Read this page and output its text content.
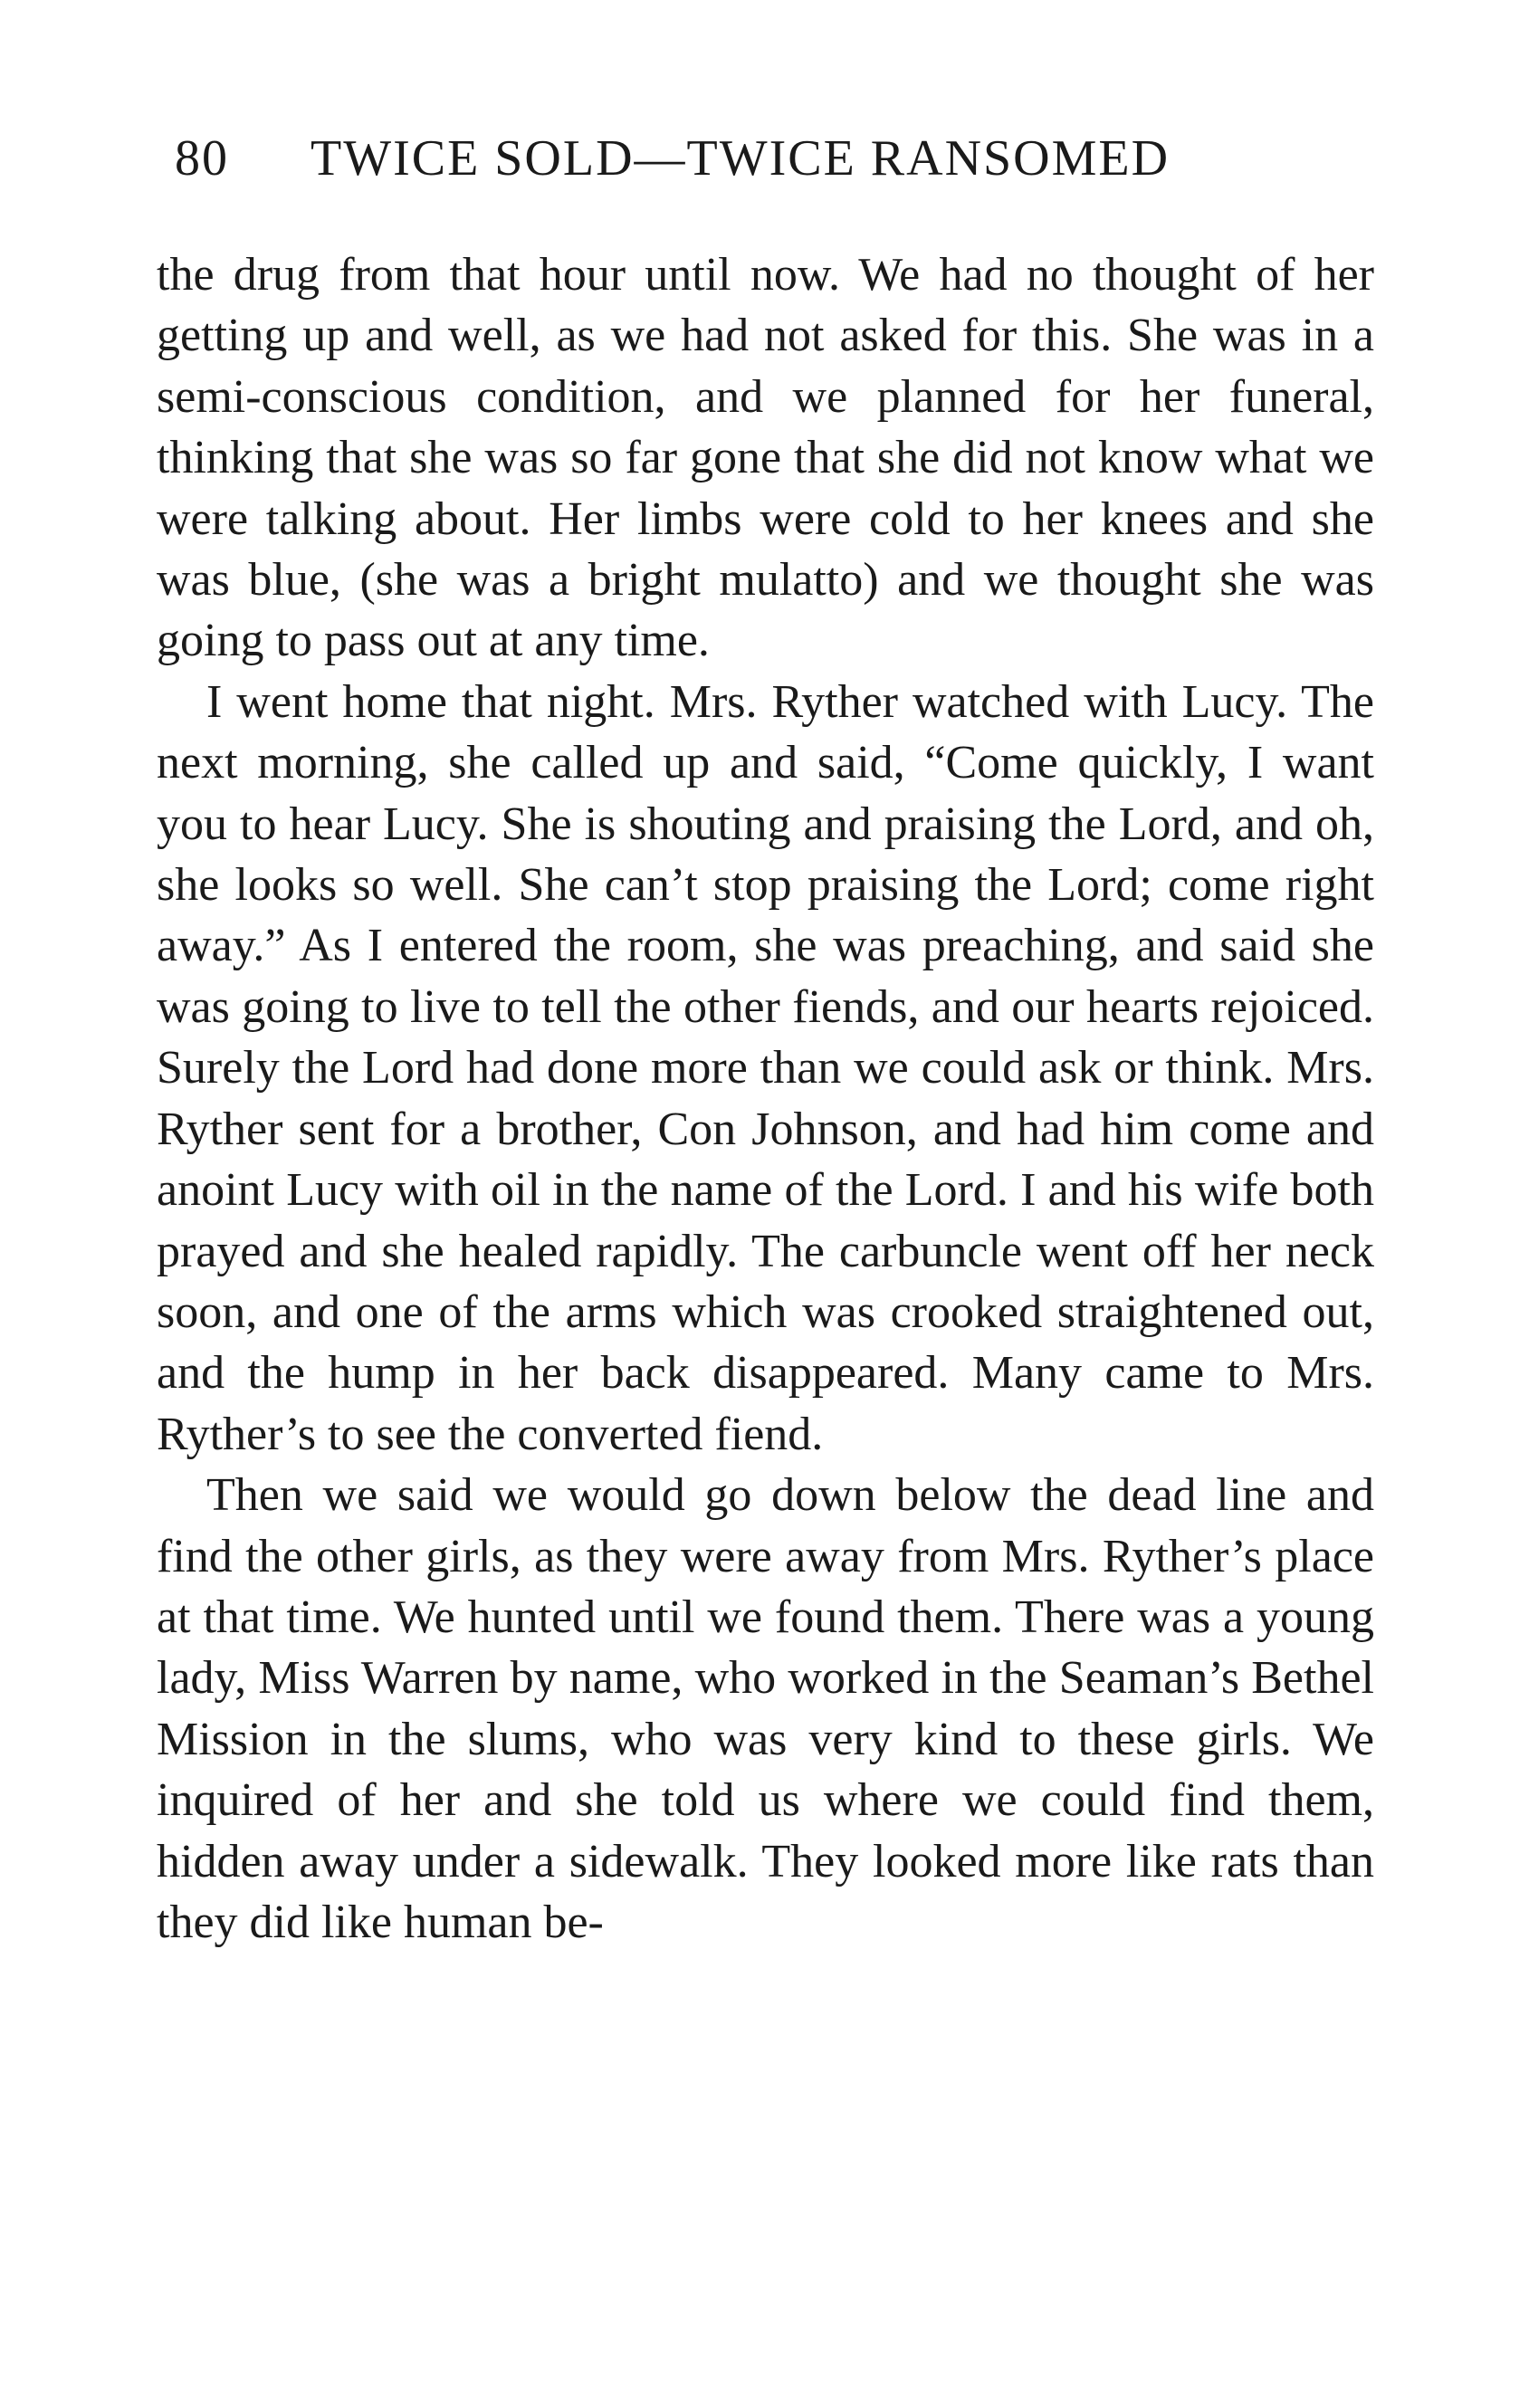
80 TWICE SOLD—TWICE RANSOMED

the drug from that hour until now. We had no thought of her getting up and well, as we had not asked for this. She was in a semi-conscious condition, and we planned for her funeral, thinking that she was so far gone that she did not know what we were talking about. Her limbs were cold to her knees and she was blue, (she was a bright mulatto) and we thought she was going to pass out at any time.

I went home that night. Mrs. Ryther watched with Lucy. The next morning, she called up and said, “Come quickly, I want you to hear Lucy. She is shouting and praising the Lord, and oh, she looks so well. She can’t stop praising the Lord; come right away.” As I entered the room, she was preaching, and said she was going to live to tell the other fiends, and our hearts rejoiced. Surely the Lord had done more than we could ask or think. Mrs. Ryther sent for a brother, Con Johnson, and had him come and anoint Lucy with oil in the name of the Lord. I and his wife both prayed and she healed rapidly. The carbuncle went off her neck soon, and one of the arms which was crooked straightened out, and the hump in her back disappeared. Many came to Mrs. Ryther’s to see the converted fiend.

Then we said we would go down below the dead line and find the other girls, as they were away from Mrs. Ryther’s place at that time. We hunted until we found them. There was a young lady, Miss Warren by name, who worked in the Seaman’s Bethel Mission in the slums, who was very kind to these girls. We inquired of her and she told us where we could find them, hidden away under a sidewalk. They looked more like rats than they did like human be-
